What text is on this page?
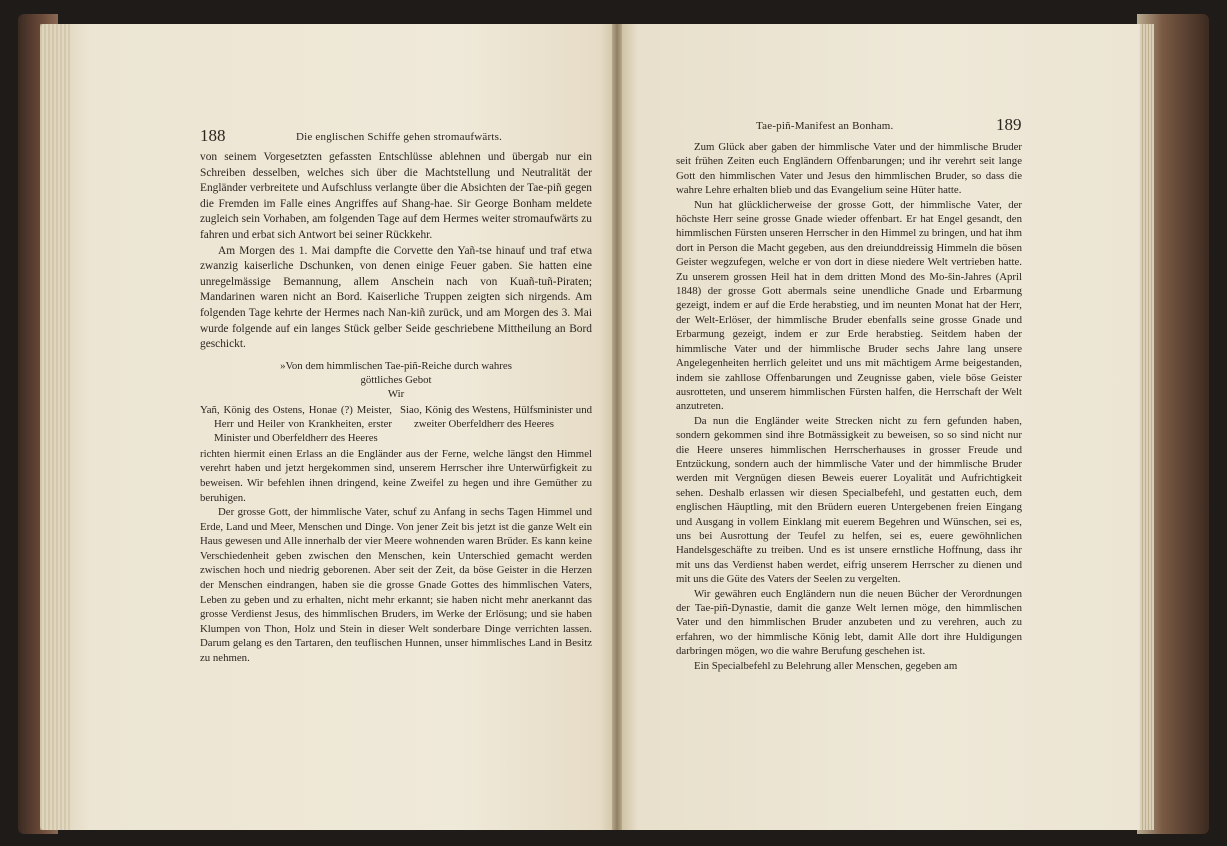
188	Die englischen Schiffe gehen stromaufwärts.

von seinem Vorgesetzten gefassten Entschlüsse ablehnen und übergab nur ein Schreiben desselben, welches sich über die Machtstellung und Neutralität der Engländer verbreitete und Aufschluss verlangte über die Absichten der Tae-piñ gegen die Fremden im Falle eines Angriffes auf Shang-hae. Sir George Bonham meldete zugleich sein Vorhaben, am folgenden Tage auf dem Hermes weiter stromaufwärts zu fahren und erbat sich Antwort bei seiner Rückkehr.

Am Morgen des 1. Mai dampfte die Corvette den Yañ-tse hinauf und traf etwa zwanzig kaiserliche Dschunken, von denen einige Feuer gaben. Sie hatten eine unregelmässige Bemannung, allem Anschein nach von Kuañ-tuñ-Piraten; Mandarinen waren nicht an Bord. Kaiserliche Truppen zeigten sich nirgends. Am folgenden Tage kehrte der Hermes nach Nan-kiñ zurück, und am Morgen des 3. Mai wurde folgende auf ein langes Stück gelber Seide geschriebene Mittheilung an Bord geschickt.

»Von dem himmlischen Tae-piñ-Reiche durch wahres
göttliches Gebot
Wir
Yañ, König des Ostens, Honae (?) Meister, Herr und Heiler von Krankheiten, erster Minister und Oberfeldherr des Heeres
Siao, König des Westens, Hülfsminister und zweiter Oberfeldherr des Heeres

richten hiermit einen Erlass an die Engländer aus der Ferne, welche längst den Himmel verehrt haben und jetzt hergekommen sind, unserem Herrscher ihre Unterwürfigkeit zu beweisen. Wir befehlen ihnen dringend, keine Zweifel zu hegen und ihre Gemüther zu beruhigen.

Der grosse Gott, der himmlische Vater, schuf zu Anfang in sechs Tagen Himmel und Erde, Land und Meer, Menschen und Dinge. Von jener Zeit bis jetzt ist die ganze Welt ein Haus gewesen und Alle innerhalb der vier Meere wohnenden waren Brüder. Es kann keine Verschiedenheit geben zwischen den Menschen, kein Unterschied gemacht werden zwischen hoch und niedrig geborenen. Aber seit der Zeit, da böse Geister in die Herzen der Menschen eindrangen, haben sie die grosse Gnade Gottes des himmlischen Vaters, Leben zu geben und zu erhalten, nicht mehr erkannt; sie haben nicht mehr anerkannt das grosse Verdienst Jesus, des himmlischen Bruders, im Werke der Erlösung; und sie haben Klumpen von Thon, Holz und Stein in dieser Welt sonderbare Dinge verrichten lassen. Darum gelang es den Tartaren, den teuflischen Hunnen, unser himmlisches Land in Besitz zu nehmen.

Tae-piñ-Manifest an Bonham.	189

Zum Glück aber gaben der himmlische Vater und der himmlische Bruder seit frühen Zeiten euch Engländern Offenbarungen; und ihr verehrt seit lange Gott den himmlischen Vater und Jesus den himmlischen Bruder, so dass die wahre Lehre erhalten blieb und das Evangelium seine Hüter hatte.

Nun hat glücklicherweise der grosse Gott, der himmlische Vater, der höchste Herr seine grosse Gnade wieder offenbart. Er hat Engel gesandt, den himmlischen Fürsten unseren Herrscher in den Himmel zu bringen, und hat ihm dort in Person die Macht gegeben, aus den dreiunddreissig Himmeln die bösen Geister wegzufegen, welche er von dort in diese niedere Welt vertrieben hatte. Zu unserem grossen Heil hat in dem dritten Mond des Mo-šin-Jahres (April 1848) der grosse Gott abermals seine unendliche Gnade und Erbarmung gezeigt, indem er auf die Erde herabstieg, und im neunten Monat hat der Herr, der Welt-Erlöser, der himmlische Bruder ebenfalls seine grosse Gnade und Erbarmung gezeigt, indem er zur Erde herabstieg. Seitdem haben der himmlische Vater und der himmlische Bruder sechs Jahre lang unsere Angelegenheiten herrlich geleitet und uns mit mächtigem Arme beigestanden, indem sie zahllose Offenbarungen und Zeugnisse gaben, viele böse Geister ausrotteten, und unserem himmlischen Fürsten halfen, die Herrschaft der Welt anzutreten.

Da nun die Engländer weite Strecken nicht zu fern gefunden haben, sondern gekommen sind ihre Botmässigkeit zu beweisen, so so sind nicht nur die Heere unseres himmlischen Herrscherhauses in grosser Freude und Entzückung, sondern auch der himmlische Vater und der himmlische Bruder werden mit Vergnügen diesen Beweis euerer Loyalität und Aufrichtigkeit sehen. Deshalb erlassen wir diesen Specialbefehl, und gestatten euch, dem englischen Häuptling, mit den Brüdern eueren Untergebenen freien Eingang und Ausgang in vollem Einklang mit euerem Begehren und Wünschen, sei es, uns bei Ausrottung der Teufel zu helfen, sei es, euere gewöhnlichen Handelsgeschäfte zu treiben. Und es ist unsere ernstliche Hoffnung, dass ihr mit uns das Verdienst haben werdet, eifrig unserem Herrscher zu dienen und mit uns die Güte des Vaters der Seelen zu vergelten.

Wir gewähren euch Engländern nun die neuen Bücher der Verordnungen der Tae-piñ-Dynastie, damit die ganze Welt lernen möge, den himmlischen Vater und den himmlischen Bruder anzubeten und zu verehren, auch zu erfahren, wo der himmlische König lebt, damit Alle dort ihre Huldigungen darbringen mögen, wo die wahre Berufung geschehen ist.

Ein Specialbefehl zu Belehrung aller Menschen, gegeben am
